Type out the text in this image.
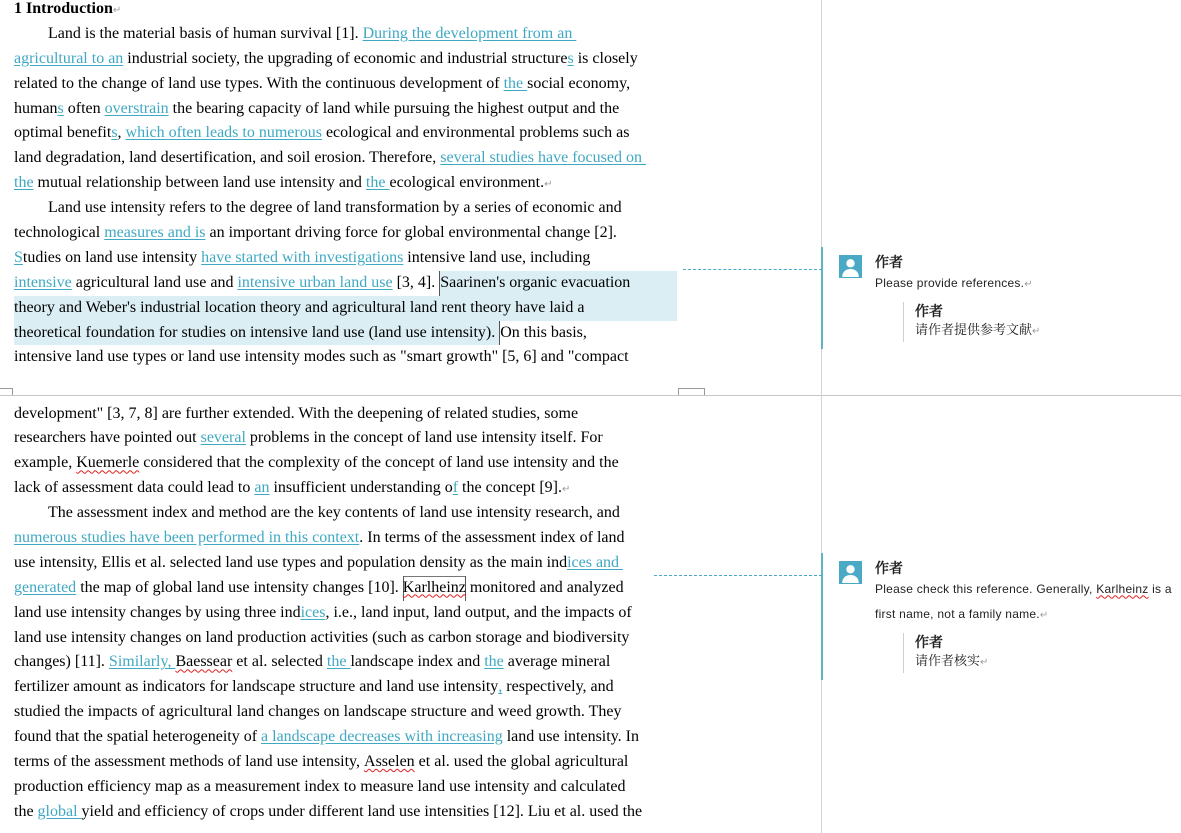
1 Introduction ↵
Land is the material basis of human survival [1]. During the development from an
agricultural to an industrial society, the upgrading of economic and industrial structure s is closely
related to the change of land use types. With the continuous development of the social economy,
human s often overstrain the bearing capacity of land while pursuing the highest output and the
optimal benefit s , which often leads to numerous ecological and environmental problems such as
land degradation, land desertification, and soil erosion. Therefore, several studies have focused on
the mutual relationship between land use intensity and the ecological environment. ↵
Land use intensity refers to the degree of land transformation by a series of economic and
technological measures and is an important driving force for global environmental change [2].
S tudies on land use intensity have started with investigations intensive land use, including
intensive agricultural land use and intensive urban land use [3, 4]. Saarinen's organic evacuation
theory and Weber's industrial location theory and agricultural land rent theory have laid a
theoretical foundation for studies on intensive land use (land use intensity). On this basis,
intensive land use types or land use intensity modes such as "smart growth" [5, 6] and "compact
development" [3, 7, 8] are further extended. With the deepening of related studies, some
researchers have pointed out several problems in the concept of land use intensity itself. For
example, Kuemerle considered that the complexity of the concept of land use intensity and the
lack of assessment data could lead to an insufficient understanding o f the concept [9]. ↵
The assessment index and method are the key contents of land use intensity research, and
numerous studies have been performed in this context . In terms of the assessment index of land
use intensity, Ellis et al. selected land use types and population density as the main ind ices and
generated the map of global land use intensity changes [10]. Karlheinz monitored and analyzed
land use intensity changes by using three ind ices , i.e., land input, land output, and the impacts of
land use intensity changes on land production activities (such as carbon storage and biodiversity
changes) [11]. Similarly, Baessear et al. selected the landscape index and the average mineral
fertilizer amount as indicators for landscape structure and land use intensity , respectively, and
studied the impacts of agricultural land changes on landscape structure and weed growth. They
found that the spatial heterogeneity of a landscape decreases with increasing land use intensity. In
terms of the assessment methods of land use intensity, Asselen et al. used the global agricultural
production efficiency map as a measurement index to measure land use intensity and calculated
the global yield and efficiency of crops under different land use intensities [12]. Liu et al. used the
作者
Please provide references. ↵
作者
请作者提供参考文献 ↵
作者
Please check this reference. Generally, Karlheinz is a
first name, not a family name. ↵
作者
请作者核实 ↵
